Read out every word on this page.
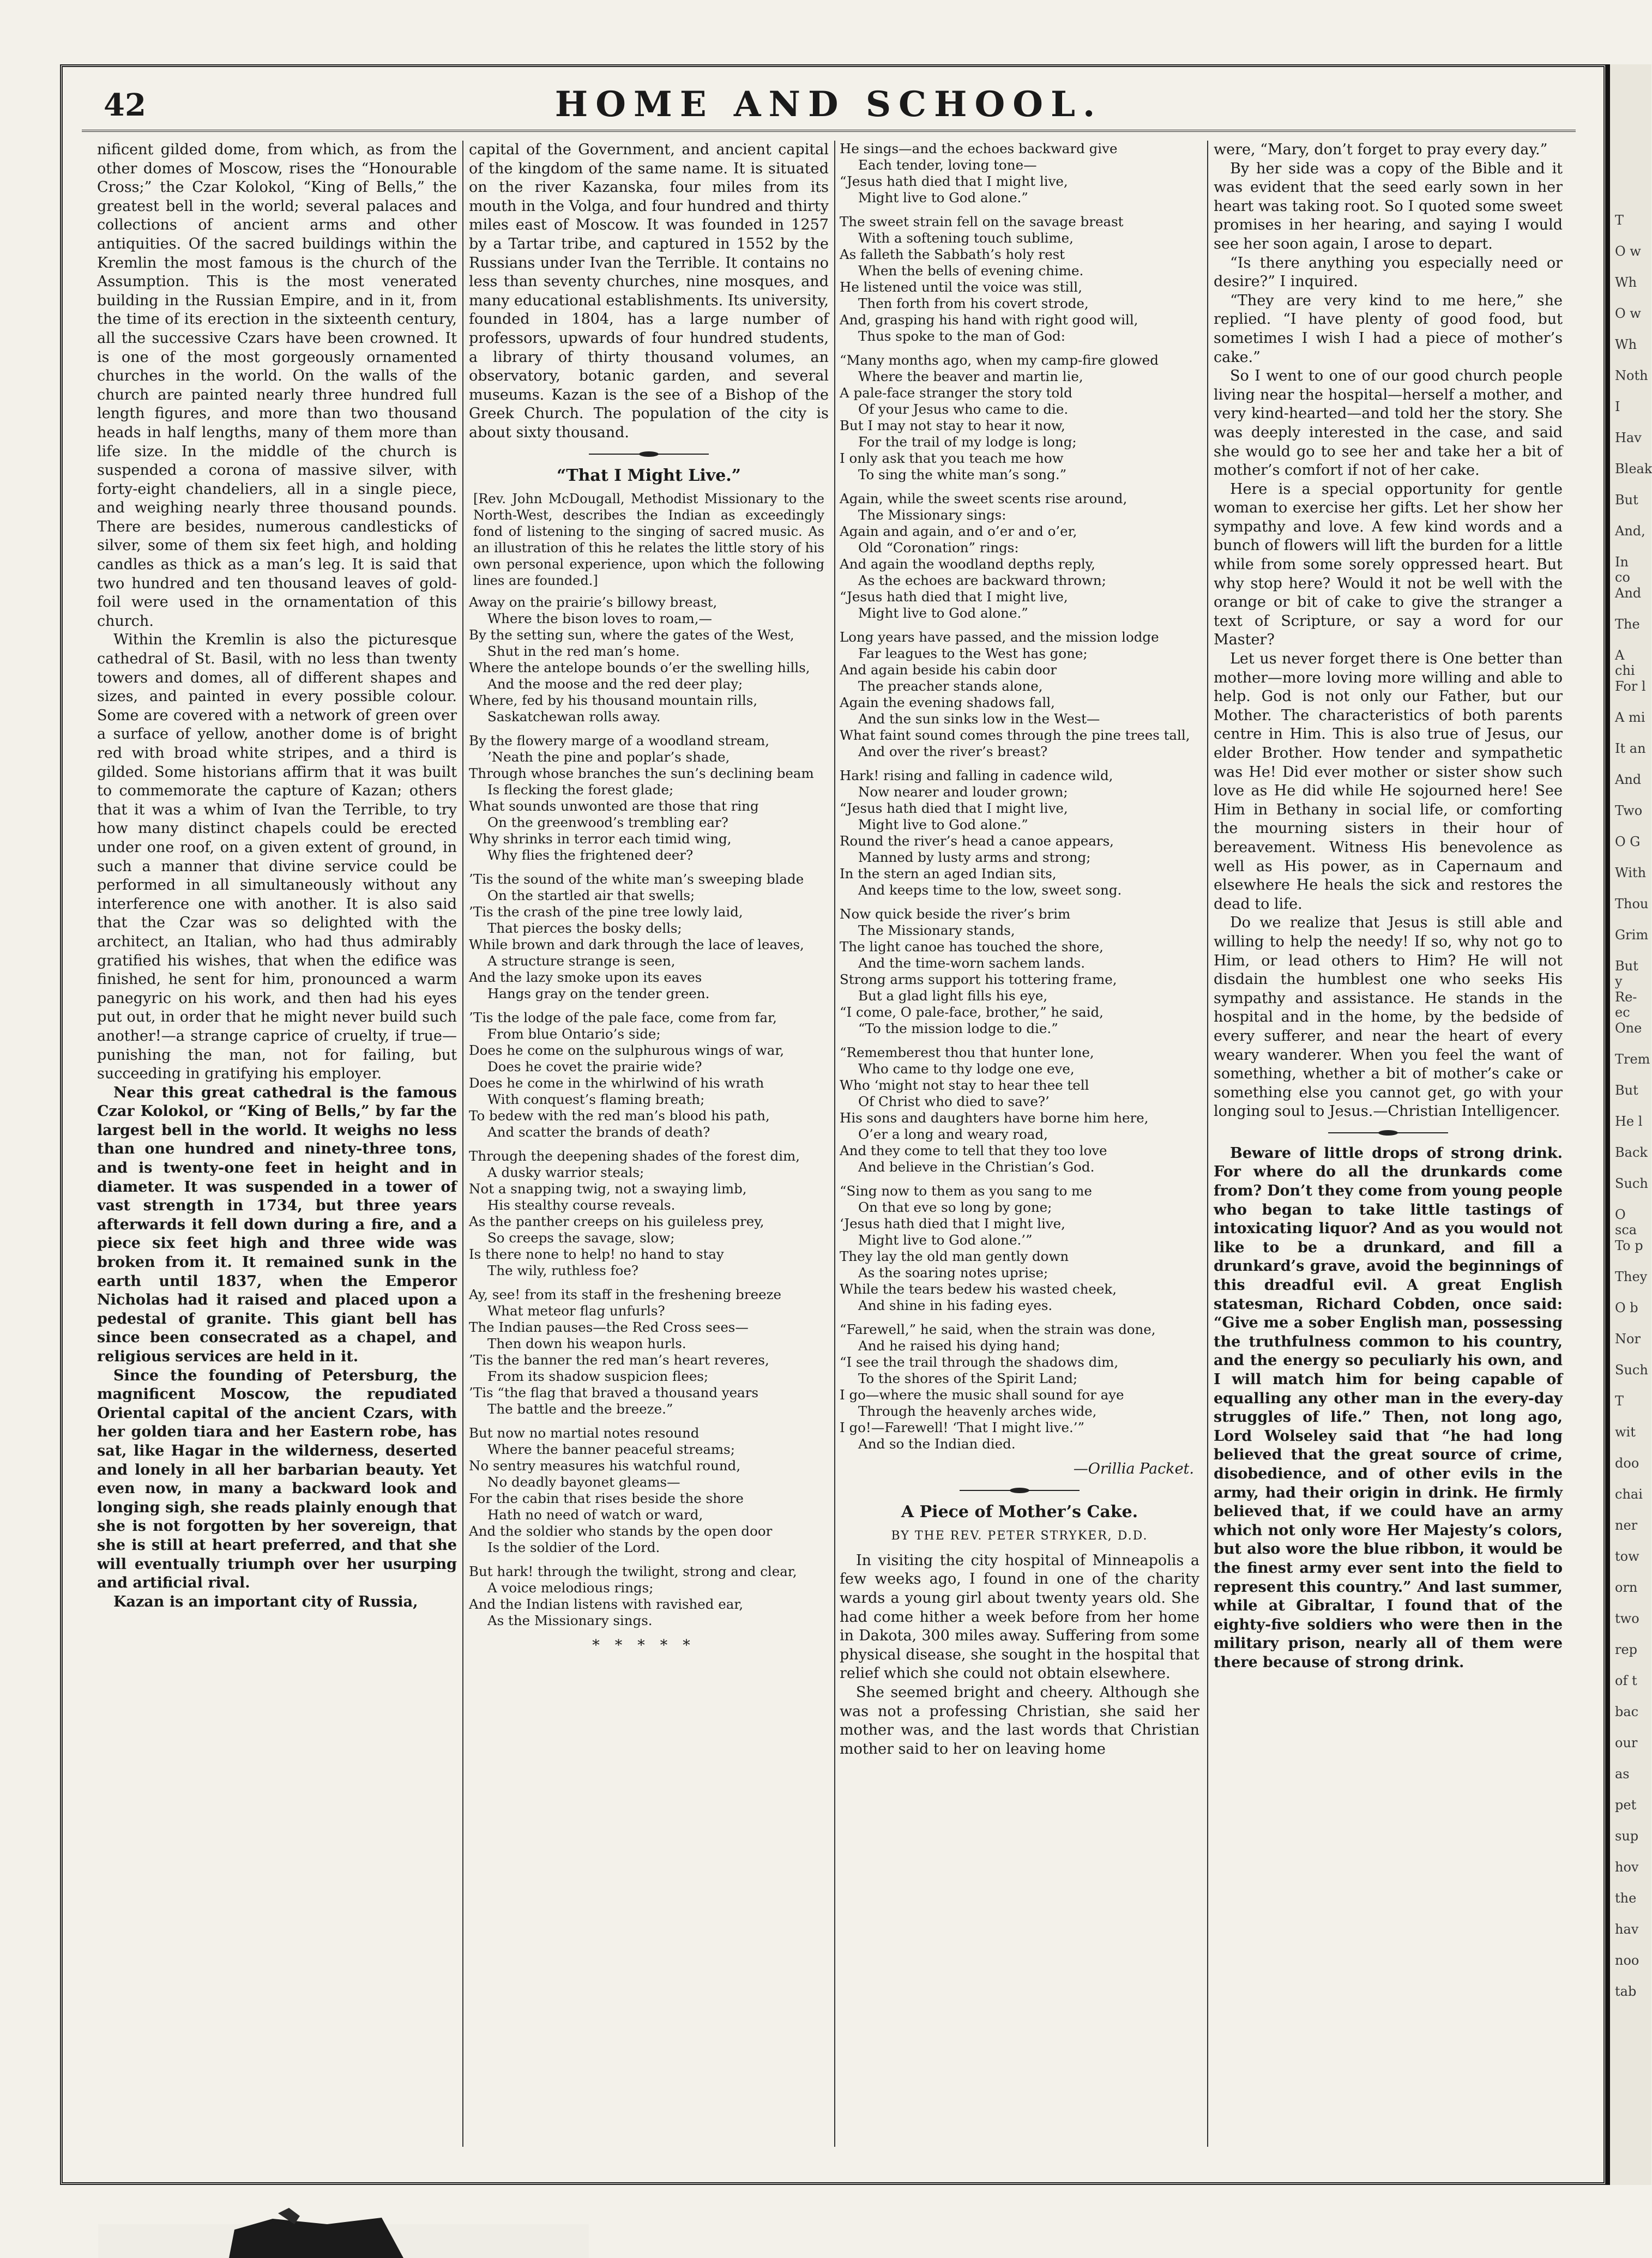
42	HOME AND SCHOOL.

nificent gilded dome, from which, as from the other domes of Moscow, rises the “Honourable Cross;” the Czar Kolokol, “King of Bells,” the greatest bell in the world; several palaces and collections of ancient arms and other antiquities. Of the sacred buildings within the Kremlin the most famous is the church of the Assumption. This is the most venerated building in the Russian Empire, and in it, from the time of its erection in the sixteenth century, all the successive Czars have been crowned. It is one of the most gorgeously ornamented churches in the world. On the walls of the church are painted nearly three hundred full length figures, and more than two thousand heads in half lengths, many of them more than life size. In the middle of the church is suspended a corona of massive silver, with forty-eight chandeliers, all in a single piece, and weighing nearly three thousand pounds. There are besides, numerous candlesticks of silver, some of them six feet high, and holding candles as thick as a man’s leg. It is said that two hundred and ten thousand leaves of gold-foil were used in the ornamentation of this church.

Within the Kremlin is also the picturesque cathedral of St. Basil, with no less than twenty towers and domes, all of different shapes and sizes, and painted in every possible colour. Some are covered with a network of green over a surface of yellow, another dome is of bright red with broad white stripes, and a third is gilded. Some historians affirm that it was built to commemorate the capture of Kazan; others that it was a whim of Ivan the Terrible, to try how many distinct chapels could be erected under one roof, on a given extent of ground, in such a manner that divine service could be performed in all simultaneously without any interference one with another. It is also said that the Czar was so delighted with the architect, an Italian, who had thus admirably gratified his wishes, that when the edifice was finished, he sent for him, pronounced a warm panegyric on his work, and then had his eyes put out, in order that he might never build such another!—a strange caprice of cruelty, if true—punishing the man, not for failing, but succeeding in gratifying his employer.

Near this great cathedral is the famous Czar Kolokol, or “King of Bells,” by far the largest bell in the world. It weighs no less than one hundred and ninety-three tons, and is twenty-one feet in height and in diameter. It was suspended in a tower of vast strength in 1734, but three years afterwards it fell down during a fire, and a piece six feet high and three wide was broken from it. It remained sunk in the earth until 1837, when the Emperor Nicholas had it raised and placed upon a pedestal of granite. This giant bell has since been consecrated as a chapel, and religious services are held in it.

Since the founding of Petersburg, the magnificent Moscow, the repudiated Oriental capital of the ancient Czars, with her golden tiara and her Eastern robe, has sat, like Hagar in the wilderness, deserted and lonely in all her barbarian beauty. Yet even now, in many a backward look and longing sigh, she reads plainly enough that she is not forgotten by her sovereign, that she is still at heart preferred, and that she will eventually triumph over her usurping and artificial rival.

Kazan is an important city of Russia,

capital of the Government, and ancient capital of the kingdom of the same name. It is situated on the river Kazanska, four miles from its mouth in the Volga, and four hundred and thirty miles east of Moscow. It was founded in 1257 by a Tartar tribe, and captured in 1552 by the Russians under Ivan the Terrible. It contains no less than seventy churches, nine mosques, and many educational establishments. Its university, founded in 1804, has a large number of professors, upwards of four hundred students, a library of thirty thousand volumes, an observatory, botanic garden, and several museums. Kazan is the see of a Bishop of the Greek Church. The population of the city is about sixty thousand.

“That I Might Live.”
[Rev. John McDougall, Methodist Missionary to the North-West, describes the Indian as exceedingly fond of listening to the singing of sacred music. As an illustration of this he relates the little story of his own personal experience, upon which the following lines are founded.]
Away on the prairie’s billowy breast,
Where the bison loves to roam,—
By the setting sun, where the gates of the West,
Shut in the red man’s home.
Where the antelope bounds o’er the swelling hills,
And the moose and the red deer play;
Where, fed by his thousand mountain rills,
Saskatchewan rolls away.
By the flowery marge of a woodland stream,
’Neath the pine and poplar’s shade,
Through whose branches the sun’s declining beam
Is flecking the forest glade;
What sounds unwonted are those that ring
On the greenwood’s trembling ear?
Why shrinks in terror each timid wing,
Why flies the frightened deer?
’Tis the sound of the white man’s sweeping blade
On the startled air that swells;
’Tis the crash of the pine tree lowly laid,
That pierces the bosky dells;
While brown and dark through the lace of leaves,
A structure strange is seen,
And the lazy smoke upon its eaves
Hangs gray on the tender green.
’Tis the lodge of the pale face, come from far,
From blue Ontario’s side;
Does he come on the sulphurous wings of war,
Does he covet the prairie wide?
Does he come in the whirlwind of his wrath
With conquest’s flaming breath;
To bedew with the red man’s blood his path,
And scatter the brands of death?
Through the deepening shades of the forest dim,
A dusky warrior steals;
Not a snapping twig, not a swaying limb,
His stealthy course reveals.
As the panther creeps on his guileless prey,
So creeps the savage, slow;
Is there none to help! no hand to stay
The wily, ruthless foe?
Ay, see! from its staff in the freshening breeze
What meteor flag unfurls?
The Indian pauses—the Red Cross sees—
Then down his weapon hurls.
’Tis the banner the red man’s heart reveres,
From its shadow suspicion flees;
’Tis “the flag that braved a thousand years
The battle and the breeze.”
But now no martial notes resound
Where the banner peaceful streams;
No sentry measures his watchful round,
No deadly bayonet gleams—
For the cabin that rises beside the shore
Hath no need of watch or ward,
And the soldier who stands by the open door
Is the soldier of the Lord.
But hark! through the twilight, strong and clear,
A voice melodious rings;
And the Indian listens with ravished ear,
As the Missionary sings.
*****
He sings—and the echoes backward give
Each tender, loving tone—
“Jesus hath died that I might live,
Might live to God alone.”
The sweet strain fell on the savage breast
With a softening touch sublime,
As falleth the Sabbath’s holy rest
When the bells of evening chime.
He listened until the voice was still,
Then forth from his covert strode,
And, grasping his hand with right good will,
Thus spoke to the man of God:
“Many months ago, when my camp-fire glowed
Where the beaver and martin lie,
A pale-face stranger the story told
Of your Jesus who came to die.
But I may not stay to hear it now,
For the trail of my lodge is long;
I only ask that you teach me how
To sing the white man’s song.”
Again, while the sweet scents rise around,
The Missionary sings:
Again and again, and o’er and o’er,
Old “Coronation” rings:
And again the woodland depths reply,
As the echoes are backward thrown;
“Jesus hath died that I might live,
Might live to God alone.”
Long years have passed, and the mission lodge
Far leagues to the West has gone;
And again beside his cabin door
The preacher stands alone,
Again the evening shadows fall,
And the sun sinks low in the West—
What faint sound comes through the pine trees tall,
And over the river’s breast?
Hark! rising and falling in cadence wild,
Now nearer and louder grown;
“Jesus hath died that I might live,
Might live to God alone.”
Round the river’s head a canoe appears,
Manned by lusty arms and strong;
In the stern an aged Indian sits,
And keeps time to the low, sweet song.
Now quick beside the river’s brim
The Missionary stands,
The light canoe has touched the shore,
And the time-worn sachem lands.
Strong arms support his tottering frame,
But a glad light fills his eye,
“I come, O pale-face, brother,” he said,
“To the mission lodge to die.”
“Rememberest thou that hunter lone,
Who came to thy lodge one eve,
Who ‘might not stay to hear thee tell
Of Christ who died to save?’
His sons and daughters have borne him here,
O’er a long and weary road,
And they come to tell that they too love
And believe in the Christian’s God.
“Sing now to them as you sang to me
On that eve so long by gone;
‘Jesus hath died that I might live,
Might live to God alone.’”
They lay the old man gently down
As the soaring notes uprise;
While the tears bedew his wasted cheek,
And shine in his fading eyes.
“Farewell,” he said, when the strain was done,
And he raised his dying hand;
“I see the trail through the shadows dim,
To the shores of the Spirit Land;
I go—where the music shall sound for aye
Through the heavenly arches wide,
I go!—Farewell! ‘That I might live.’”
And so the Indian died.
—Orillia Packet.
A Piece of Mother’s Cake.
BY THE REV. PETER STRYKER, D.D.

In visiting the city hospital of Minneapolis a few weeks ago, I found in one of the charity wards a young girl about twenty years old. She had come hither a week before from her home in Dakota, 300 miles away. Suffering from some physical disease, she sought in the hospital that relief which she could not obtain elsewhere.

She seemed bright and cheery. Although she was not a professing Christian, she said her mother was, and the last words that Christian mother said to her on leaving home

were, “Mary, don’t forget to pray every day.”

By her side was a copy of the Bible and it was evident that the seed early sown in her heart was taking root. So I quoted some sweet promises in her hearing, and saying I would see her soon again, I arose to depart.

“Is there anything you especially need or desire?” I inquired.

“They are very kind to me here,” she replied. “I have plenty of good food, but sometimes I wish I had a piece of mother’s cake.”

So I went to one of our good church people living near the hospital—herself a mother, and very kind-hearted—and told her the story. She was deeply interested in the case, and said she would go to see her and take her a bit of mother’s comfort if not of her cake.

Here is a special opportunity for gentle woman to exercise her gifts. Let her show her sympathy and love. A few kind words and a bunch of flowers will lift the burden for a little while from some sorely oppressed heart. But why stop here? Would it not be well with the orange or bit of cake to give the stranger a text of Scripture, or say a word for our Master?

Let us never forget there is One better than mother—more loving more willing and able to help. God is not only our Father, but our Mother. The characteristics of both parents centre in Him. This is also true of Jesus, our elder Brother. How tender and sympathetic was He! Did ever mother or sister show such love as He did while He sojourned here! See Him in Bethany in social life, or comforting the mourning sisters in their hour of bereavement. Witness His benevolence as well as His power, as in Capernaum and elsewhere He heals the sick and restores the dead to life.

Do we realize that Jesus is still able and willing to help the needy! If so, why not go to Him, or lead others to Him? He will not disdain the humblest one who seeks His sympathy and assistance. He stands in the hospital and in the home, by the bedside of every sufferer, and near the heart of every weary wanderer. When you feel the want of something, whether a bit of mother’s cake or something else you cannot get, go with your longing soul to Jesus.—Christian Intelligencer.

Beware of little drops of strong drink. For where do all the drunkards come from? Don’t they come from young people who began to take little tastings of intoxicating liquor? And as you would not like to be a drunkard, and fill a drunkard’s grave, avoid the beginnings of this dreadful evil. A great English statesman, Richard Cobden, once said: “Give me a sober English man, possessing the truthfulness common to his country, and the energy so peculiarly his own, and I will match him for being capable of equalling any other man in the every-day struggles of life.” Then, not long ago, Lord Wolseley said that “he had long believed that the great source of crime, disobedience, and of other evils in the army, had their origin in drink. He firmly believed that, if we could have an army which not only wore Her Majesty’s colors, but also wore the blue ribbon, it would be the finest army ever sent into the field to represent this country.” And last summer, while at Gibraltar, I found that of the eighty-five soldiers who were then in the military prison, nearly all of them were there because of strong drink.

T
O w
Wh
O w
Wh
Noth
I
Hav
Bleak
But
And,
In co
And
The
A chi
For l
A mi
It an
And
Two
O G
With
Thou
Grim
But y
Re-ec
One
Trem
But
He l
Back
Such
O sca
To p
They
O b
Nor
Such
T
wit
doo
chai
ner
tow
orn
two
rep
of t
bac
our
as
pet
sup
hov
the
hav
noo
tab
